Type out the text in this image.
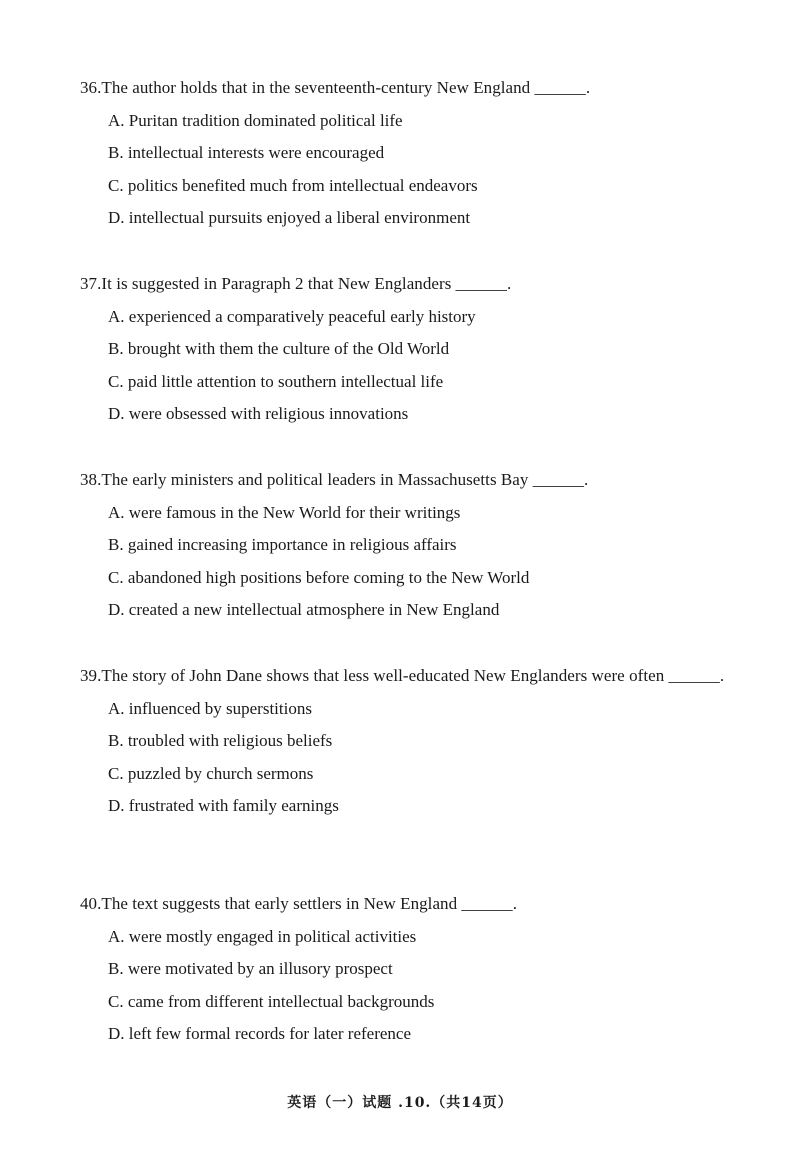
36.The author holds that in the seventeenth-century New England ______.
A. Puritan tradition dominated political life
B. intellectual interests were encouraged
C. politics benefited much from intellectual endeavors
D. intellectual pursuits enjoyed a liberal environment
37.It is suggested in Paragraph 2 that New Englanders ______.
A. experienced a comparatively peaceful early history
B. brought with them the culture of the Old World
C. paid little attention to southern intellectual life
D. were obsessed with religious innovations
38.The early ministers and political leaders in Massachusetts Bay ______.
A. were famous in the New World for their writings
B. gained increasing importance in religious affairs
C. abandoned high positions before coming to the New World
D. created a new intellectual atmosphere in New England
39.The story of John Dane shows that less well-educated New Englanders were often ______.
A. influenced by superstitions
B. troubled with religious beliefs
C. puzzled by church sermons
D. frustrated with family earnings
40.The text suggests that early settlers in New England ______.
A. were mostly engaged in political activities
B. were motivated by an illusory prospect
C. came from different intellectual backgrounds
D. left few formal records for later reference
英语（一）试题 .10.（共14页）
